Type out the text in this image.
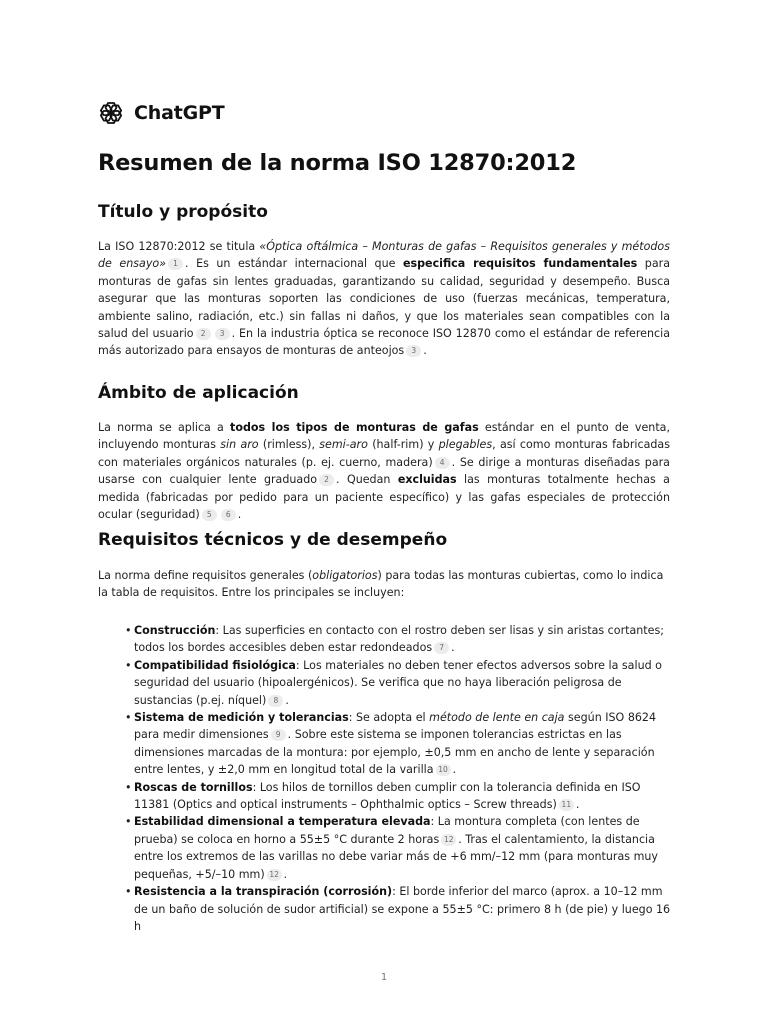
ChatGPT
Resumen de la norma ISO 12870:2012
Título y propósito

La ISO 12870:2012 se titula «Óptica oftálmica – Monturas de gafas – Requisitos generales y métodos de ensayo» 1 . Es un estándar internacional que especifica requisitos fundamentales para monturas de gafas sin lentes graduadas, garantizando su calidad, seguridad y desempeño. Busca asegurar que las monturas soporten las condiciones de uso (fuerzas mecánicas, temperatura, ambiente salino, radiación, etc.) sin fallas ni daños, y que los materiales sean compatibles con la salud del usuario 2 3 . En la industria óptica se reconoce ISO 12870 como el estándar de referencia más autorizado para ensayos de monturas de anteojos 3 .

Ámbito de aplicación

La norma se aplica a todos los tipos de monturas de gafas estándar en el punto de venta, incluyendo monturas sin aro (rimless), semi-aro (half-rim) y plegables, así como monturas fabricadas con materiales orgánicos naturales (p. ej. cuerno, madera) 4 . Se dirige a monturas diseñadas para usarse con cualquier lente graduado 2 . Quedan excluidas las monturas totalmente hechas a medida (fabricadas por pedido para un paciente específico) y las gafas especiales de protección ocular (seguridad) 5 6 .

Requisitos técnicos y de desempeño

La norma define requisitos generales (obligatorios) para todas las monturas cubiertas, como lo indica la tabla de requisitos. Entre los principales se incluyen:

• Construcción: Las superficies en contacto con el rostro deben ser lisas y sin aristas cortantes; todos los bordes accesibles deben estar redondeados 7 .
• Compatibilidad fisiológica: Los materiales no deben tener efectos adversos sobre la salud o seguridad del usuario (hipoalergénicos). Se verifica que no haya liberación peligrosa de sustancias (p.ej. níquel) 8 .
• Sistema de medición y tolerancias: Se adopta el método de lente en caja según ISO 8624 para medir dimensiones 9 . Sobre este sistema se imponen tolerancias estrictas en las dimensiones marcadas de la montura: por ejemplo, ±0,5 mm en ancho de lente y separación entre lentes, y ±2,0 mm en longitud total de la varilla 10 .
• Roscas de tornillos: Los hilos de tornillos deben cumplir con la tolerancia definida en ISO 11381 (Optics and optical instruments – Ophthalmic optics – Screw threads) 11 .
• Estabilidad dimensional a temperatura elevada: La montura completa (con lentes de prueba) se coloca en horno a 55±5 °C durante 2 horas 12 . Tras el calentamiento, la distancia entre los extremos de las varillas no debe variar más de +6 mm/–12 mm (para monturas muy pequeñas, +5/–10 mm) 12 .
• Resistencia a la transpiración (corrosión): El borde inferior del marco (aprox. a 10–12 mm de un baño de solución de sudor artificial) se expone a 55±5 °C: primero 8 h (de pie) y luego 16 h
1
